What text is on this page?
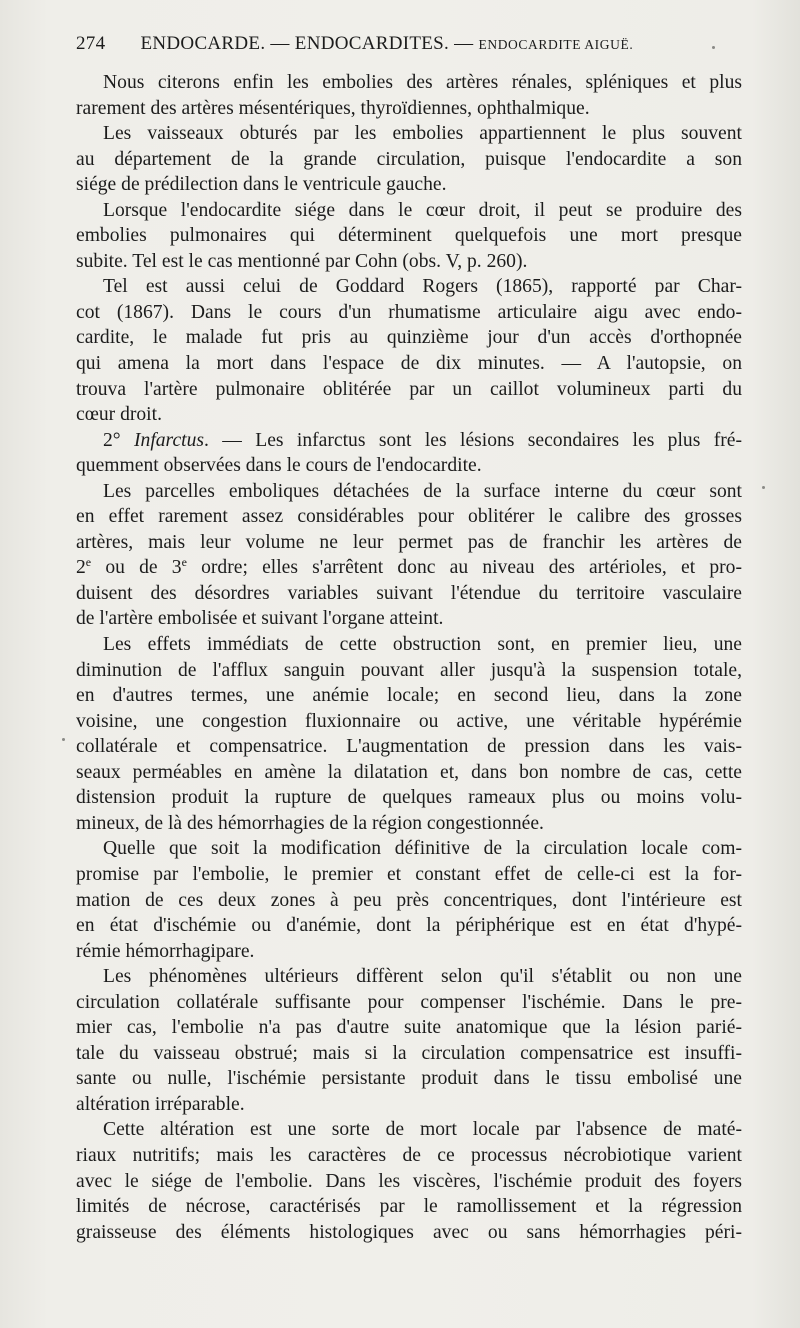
274 ENDOCARDE. — ENDOCARDITES. — ENDOCARDITE AIGUË.
Nous citerons enfin les embolies des artères rénales, spléniques et plus
rarement des artères mésentériques, thyroïdiennes, ophthalmique.
Les vaisseaux obturés par les embolies appartiennent le plus souvent
au département de la grande circulation, puisque l'endocardite a son
siége de prédilection dans le ventricule gauche.
Lorsque l'endocardite siége dans le cœur droit, il peut se produire des
embolies pulmonaires qui déterminent quelquefois une mort presque
subite. Tel est le cas mentionné par Cohn (obs. V, p. 260).
Tel est aussi celui de Goddard Rogers (1865), rapporté par Char-
cot (1867). Dans le cours d'un rhumatisme articulaire aigu avec endo-
cardite, le malade fut pris au quinzième jour d'un accès d'orthopnée
qui amena la mort dans l'espace de dix minutes. — A l'autopsie, on
trouva l'artère pulmonaire oblitérée par un caillot volumineux parti du
cœur droit.
2° Infarctus. — Les infarctus sont les lésions secondaires les plus fré-
quemment observées dans le cours de l'endocardite.
Les parcelles emboliques détachées de la surface interne du cœur sont
en effet rarement assez considérables pour oblitérer le calibre des grosses
artères, mais leur volume ne leur permet pas de franchir les artères de
2e ou de 3e ordre; elles s'arrêtent donc au niveau des artérioles, et pro-
duisent des désordres variables suivant l'étendue du territoire vasculaire
de l'artère embolisée et suivant l'organe atteint.
Les effets immédiats de cette obstruction sont, en premier lieu, une
diminution de l'afflux sanguin pouvant aller jusqu'à la suspension totale,
en d'autres termes, une anémie locale; en second lieu, dans la zone
voisine, une congestion fluxionnaire ou active, une véritable hypérémie
collatérale et compensatrice. L'augmentation de pression dans les vais-
seaux perméables en amène la dilatation et, dans bon nombre de cas, cette
distension produit la rupture de quelques rameaux plus ou moins volu-
mineux, de là des hémorrhagies de la région congestionnée.
Quelle que soit la modification définitive de la circulation locale com-
promise par l'embolie, le premier et constant effet de celle-ci est la for-
mation de ces deux zones à peu près concentriques, dont l'intérieure est
en état d'ischémie ou d'anémie, dont la périphérique est en état d'hypé-
rémie hémorrhagipare.
Les phénomènes ultérieurs diffèrent selon qu'il s'établit ou non une
circulation collatérale suffisante pour compenser l'ischémie. Dans le pre-
mier cas, l'embolie n'a pas d'autre suite anatomique que la lésion parié-
tale du vaisseau obstrué; mais si la circulation compensatrice est insuffi-
sante ou nulle, l'ischémie persistante produit dans le tissu embolisé une
altération irréparable.
Cette altération est une sorte de mort locale par l'absence de maté-
riaux nutritifs; mais les caractères de ce processus nécrobiotique varient
avec le siége de l'embolie. Dans les viscères, l'ischémie produit des foyers
limités de nécrose, caractérisés par le ramollissement et la régression
graisseuse des éléments histologiques avec ou sans hémorrhagies péri-
